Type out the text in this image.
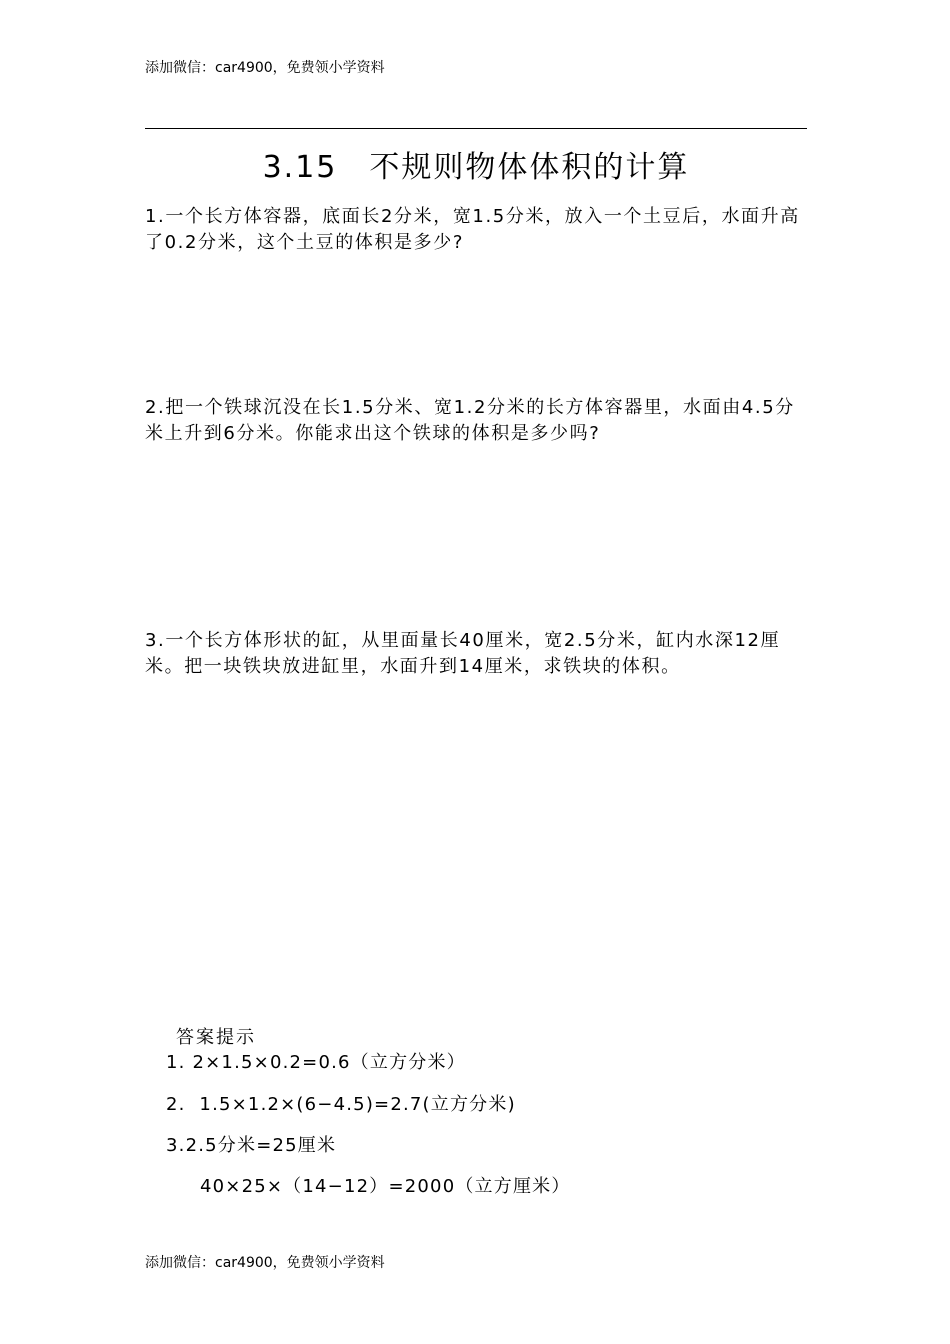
添加微信：car4900，免费领小学资料
3.15　不规则物体体积的计算
1.一个长方体容器，底面长2分米，宽1.5分米，放入一个土豆后，水面升高了0.2分米，这个土豆的体积是多少?
2.把一个铁球沉没在长1.5分米、宽1.2分米的长方体容器里，水面由4.5分米上升到6分米。你能求出这个铁球的体积是多少吗?
3.一个长方体形状的缸，从里面量长40厘米，宽2.5分米，缸内水深12厘米。把一块铁块放进缸里，水面升到14厘米，求铁块的体积。
答案提示
1. 2×1.5×0.2=0.6（立方分米）
2.  1.5×1.2×(6−4.5)=2.7(立方分米)
3.2.5分米=25厘米
40×25×（14−12）=2000（立方厘米）
添加微信：car4900，免费领小学资料
